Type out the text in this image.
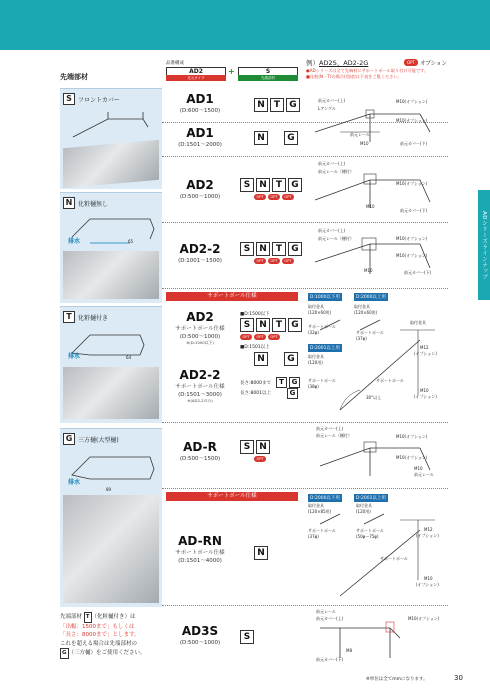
ADシリーズラインナップ
先端部材
品番構成
AD2
先元タイプ
+	S
先端部材
例）AD2S、AD2-2G	OPT オプション
●ADシリーズは全て先端材にサポートポール取り付け可能です。
■化粧(N・T)の場合(別途)は下表をご覧ください。
S	フロントカバー
N 化粧樋無し
排水	65
T	化粧樋付き
排水	64
G 三方樋(大型樋)
排水
89
先端部材 T （化粧樋付き）は
「出幅：1500まで」もしくは
「長さ：8000まで」とします。
これを超える場合は先端部材の
G （三方樋）をご使用ください。
AD1
(D:600～1500)
N	T	G
AD1
(D:1501～2000)
N	G
AD2
(D:500～1000)
S N	T	G
OPT	OPT	OPT
AD2-2
(D:1001～1500)
S N	T	G
OPT	OPT	OPT
サポートポール仕様
AD2
サポートポール仕様
(D:500～1000)
※(D:1000以下)
■D:1500以下
S N	T	G
OPT	OPT	OPT
■D:1501以上
N	G
AD2-2
サポートポール仕様
(D:1501～3000)
※(AD2-2のみ)
長さ:8000まで	T	G
長さ:8001以上	G
AD-R
(D:500～1500)
S N
OPT
サポートポール仕様
AD-RN
サポートポール仕様
(D:1501～4000)
N
AD3S
(D:500～1000)
S
前元カバー(上)
Lアングル
M10(オプション)
M10(オプション)
前元レール
M10	前元カバー(下)
前元カバー(上)
前元レール（樋付）
M10(オプション)
M10
前元カバー(下)
前元カバー(上)
前元レール（樋付）	M10(オプション)
M10(オプション)
M10	前元カバー(下)
D:1000以下用	D:2000以上用
D:2001以上用
取付金具
(120×60用)
取付金具
(120×60用)
サポートポール
(32φ)	サポートポール
(37φ)
取付金具
(120用)
サポートポール
(38φ)
取付金具
M12
(オプション)
サポートポール
M10
(オプション)
30°以上
前元カバー(上)
前元レール（樋付）	M10(オプション)
M10(オプション)
M10
前元レール
D:2000以下用	D:2001以上用
取付金具
(120×85用)
取付金具
(120用)
サポートポール
(37φ)
サポートポール
(50φ～75φ)
M12
(オプション)
サポートポール
M10
(オプション)
前元レール
前元カバー(上)	M10(オプション)
M8
前元カバー(下)
※単位は全てmmになります。	30
